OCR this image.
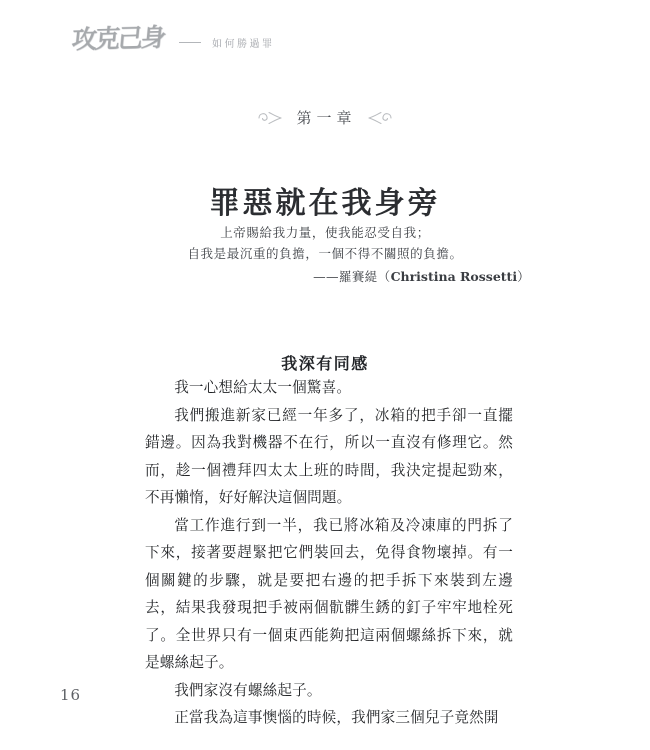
攻克己身	如何勝過罪
第一章
罪惡就在我身旁
上帝賜給我力量，使我能忍受自我；
自我是最沉重的負擔，一個不得不關照的負擔。
——羅賽緹（Christina Rossetti）
我深有同感

我一心想給太太一個驚喜。

我們搬進新家已經一年多了，冰箱的把手卻一直擺錯邊。因為我對機器不在行，所以一直沒有修理它。然而，趁一個禮拜四太太上班的時間，我決定提起勁來，不再懶惰，好好解決這個問題。

當工作進行到一半，我已將冰箱及冷凍庫的門拆了下來，接著要趕緊把它們裝回去，免得食物壞掉。有一個關鍵的步驟，就是要把右邊的把手拆下來裝到左邊去，結果我發現把手被兩個骯髒生銹的釘子牢牢地栓死了。全世界只有一個東西能夠把這兩個螺絲拆下來，就是螺絲起子。

我們家沒有螺絲起子。

正當我為這事懊惱的時候，我們家三個兒子竟然開

16
